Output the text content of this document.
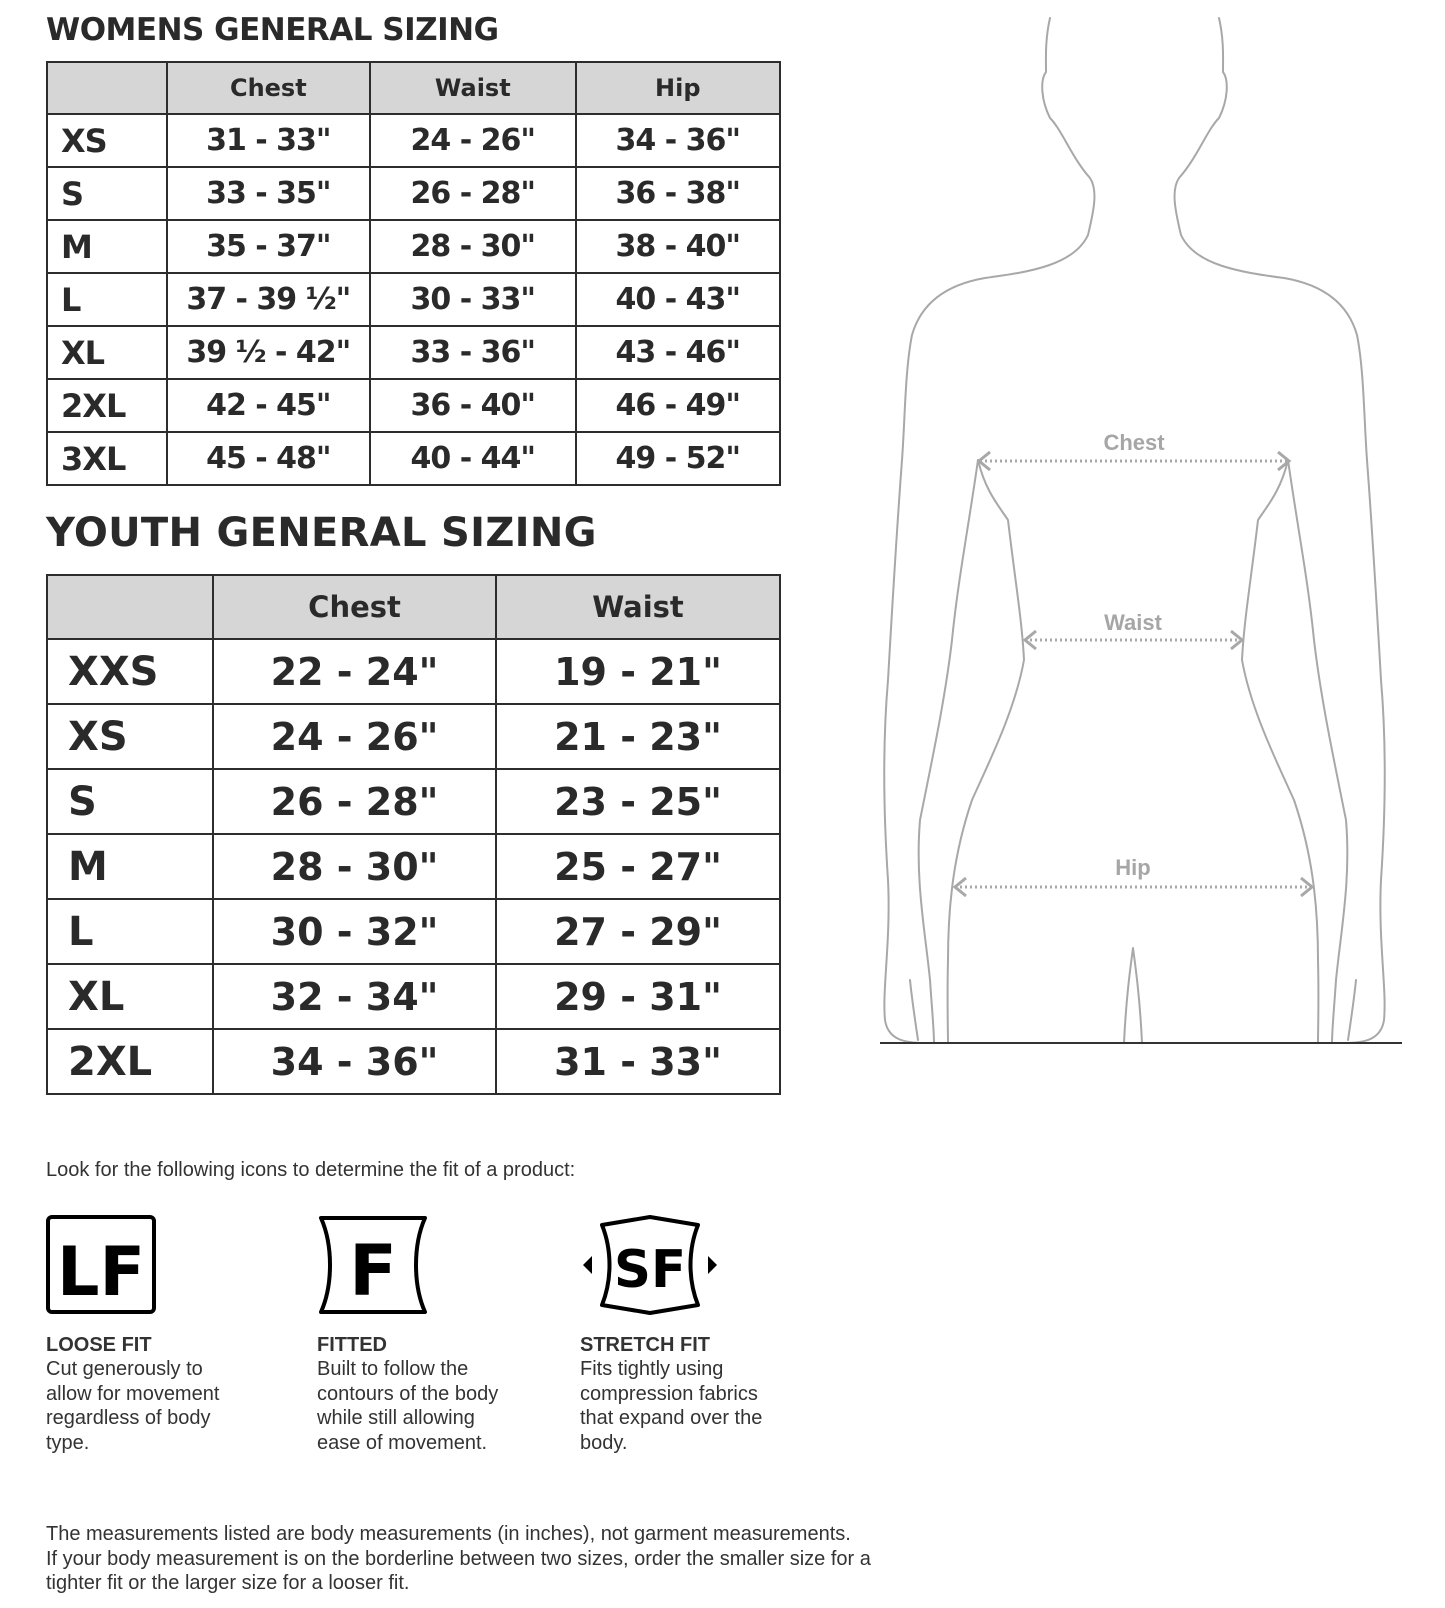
WOMENS GENERAL SIZING
	Chest	Waist	Hip
XS	31 - 33"	24 - 26"	34 - 36"
S	33 - 35"	26 - 28"	36 - 38"
M	35 - 37"	28 - 30"	38 - 40"
L	37 - 39 ½"	30 - 33"	40 - 43"
XL	39 ½ - 42"	33 - 36"	43 - 46"
2XL	42 - 45"	36 - 40"	46 - 49"
3XL	45 - 48"	40 - 44"	49 - 52"
YOUTH GENERAL SIZING
	Chest	Waist
XXS	22 - 24"	19 - 21"
XS	24 - 26"	21 - 23"
S	26 - 28"	23 - 25"
M	28 - 30"	25 - 27"
L	30 - 32"	27 - 29"
XL	32 - 34"	29 - 31"
2XL	34 - 36"	31 - 33"
Chest
Waist
Hip

Look for the following icons to determine the fit of a product:

LF
LOOSE FIT

Cut generously to allow for movement regardless of body type.

F
FITTED

Built to follow the contours of the body while still allowing ease of movement.

SF
STRETCH FIT

Fits tightly using compression fabrics that expand over the body.

The measurements listed are body measurements (in inches), not garment measurements.
If your body measurement is on the borderline between two sizes, order the smaller size for a tighter fit or the larger size for a looser fit.
